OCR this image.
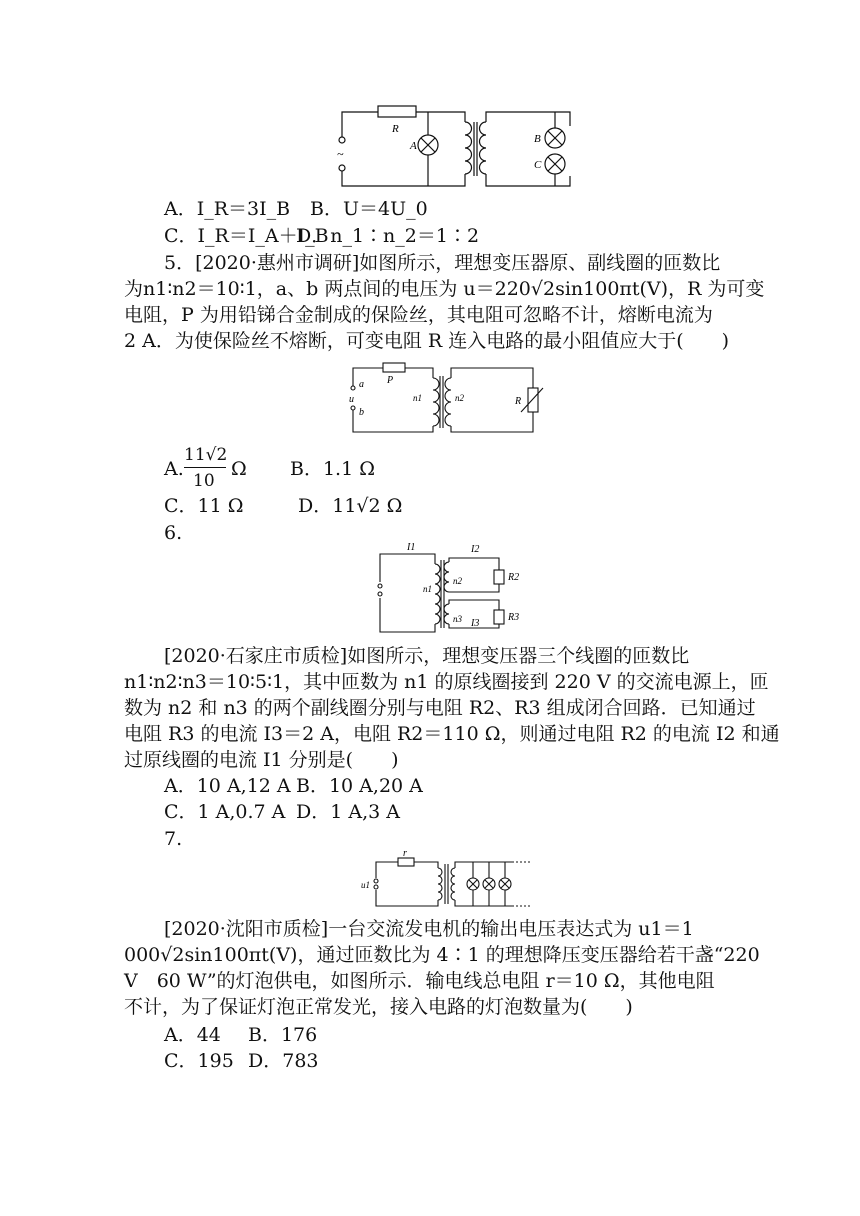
R
A
B
C
~
A．I_R＝3I_B B．U＝4U_0
C．I_R＝I_A＋I_B
D．n_1∶n_2＝1∶2
5．[2020·惠州市调研]如图所示，理想变压器原、副线圈的匝数比
为n1∶n2＝10∶1，a、b 两点间的电压为 u＝220√2sin100πt(V)，R 为可变
电阻，P 为用铅锑合金制成的保险丝，其电阻可忽略不计，熔断电流为
2 A．为使保险丝不熔断，可变电阻 R 连入电路的最小阻值应大于(　　)
P
a
u
b
n1	n2	R
A.
11√2
10
Ω B．1.1 Ω
C．11 Ω	D．11√2 Ω
6.
I1	I2
I3
n1
n2
n3
R2
R3
[2020·石家庄市质检]如图所示，理想变压器三个线圈的匝数比
n1∶n2∶n3＝10∶5∶1，其中匝数为 n1 的原线圈接到 220 V 的交流电源上，匝
数为 n2 和 n3 的两个副线圈分别与电阻 R2、R3 组成闭合回路．已知通过
电阻 R3 的电流 I3＝2 A，电阻 R2＝110 Ω，则通过电阻 R2 的电流 I2 和通
过原线圈的电流 I1 分别是(　　)
A．10 A,12 A B．10 A,20 A
C．1 A,0.7 A D．1 A,3 A
7.
r
u1
[2020·沈阳市质检]一台交流发电机的输出电压表达式为 u1＝1
000√2sin100πt(V)，通过匝数比为 4∶1 的理想降压变压器给若干盏“220
V　60 W”的灯泡供电，如图所示．输电线总电阻 r＝10 Ω，其他电阻
不计，为了保证灯泡正常发光，接入电路的灯泡数量为(　　)
A．44 B．176
C．195 D．783
